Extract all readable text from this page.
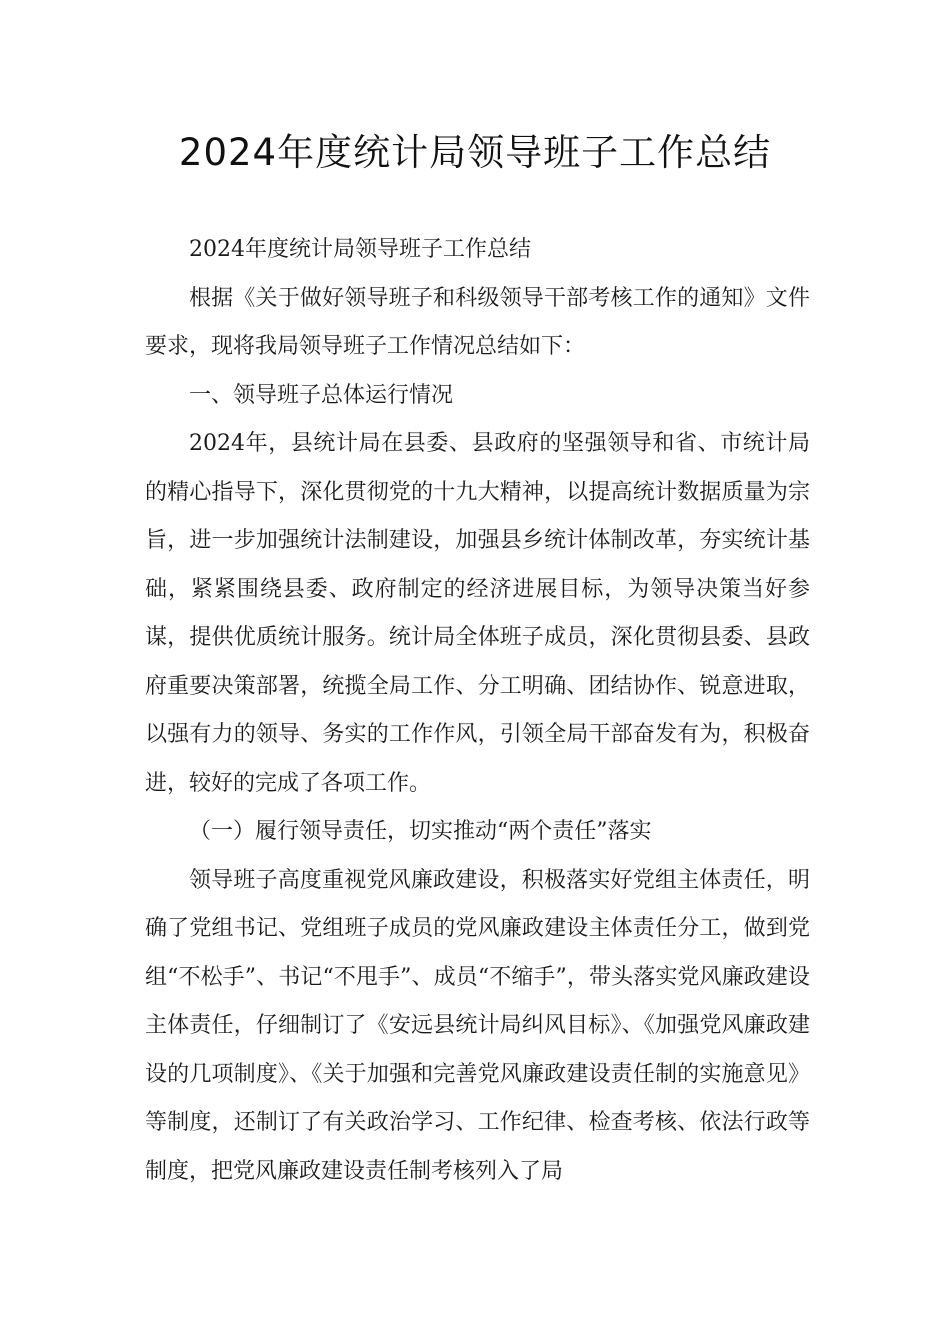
2024年度统计局领导班子工作总结

2024年度统计局领导班子工作总结

根据《关于做好领导班子和科级领导干部考核工作的通知》文件要求，现将我局领导班子工作情况总结如下：

一、领导班子总体运行情况

2024年，县统计局在县委、县政府的坚强领导和省、市统计局的精心指导下，深化贯彻党的十九大精神，以提高统计数据质量为宗旨，进一步加强统计法制建设，加强县乡统计体制改革，夯实统计基础，紧紧围绕县委、政府制定的经济进展目标，为领导决策当好参谋，提供优质统计服务。统计局全体班子成员，深化贯彻县委、县政府重要决策部署，统揽全局工作、分工明确、团结协作、锐意进取，以强有力的领导、务实的工作作风，引领全局干部奋发有为，积极奋进，较好的完成了各项工作。

（一）履行领导责任，切实推动“两个责任”落实

领导班子高度重视党风廉政建设，积极落实好党组主体责任，明确了党组书记、党组班子成员的党风廉政建设主体责任分工，做到党组“不松手”、书记“不甩手”、成员“不缩手”，带头落实党风廉政建设主体责任，仔细制订了《安远县统计局纠风目标》、《加强党风廉政建设的几项制度》、《关于加强和完善党风廉政建设责任制的实施意见》等制度，还制订了有关政治学习、工作纪律、检查考核、依法行政等制度，把党风廉政建设责任制考核列入了局
